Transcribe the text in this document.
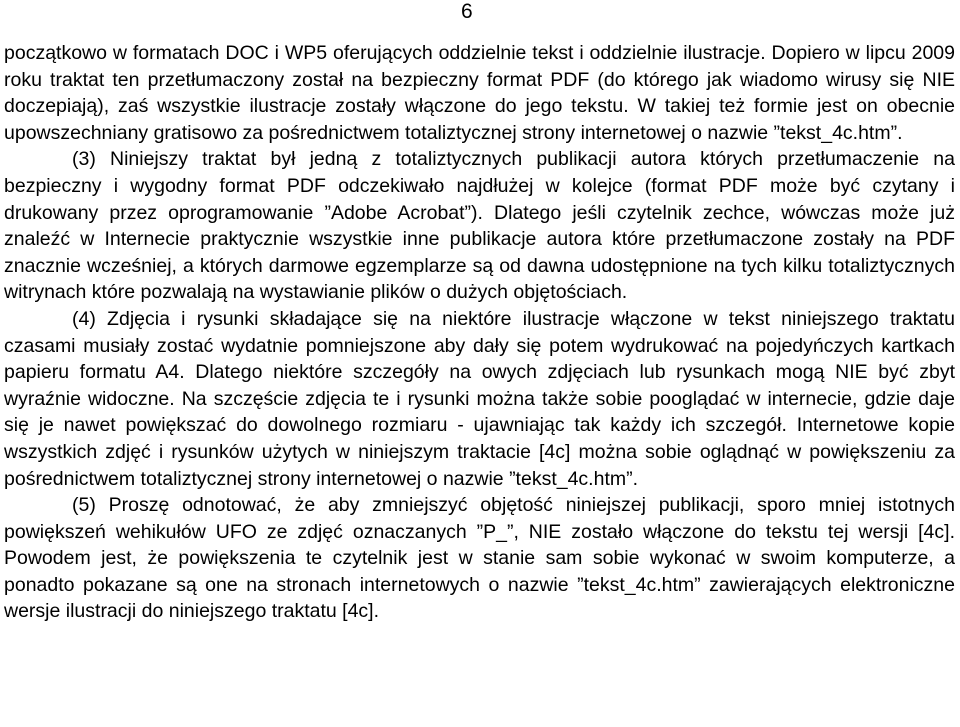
6

początkowo w formatach DOC i WP5 oferujących oddzielnie tekst i oddzielnie ilustracje. Dopiero w lipcu 2009 roku traktat ten przetłumaczony został na bezpieczny format PDF (do którego jak wiadomo wirusy się NIE doczepiają), zaś wszystkie ilustracje zostały włączone do jego tekstu. W takiej też formie jest on obecnie upowszechniany gratisowo za pośrednictwem totaliztycznej strony internetowej o nazwie ”tekst_4c.htm”.

(3) Niniejszy traktat był jedną z totaliztycznych publikacji autora których przetłumaczenie na bezpieczny i wygodny format PDF odczekiwało najdłużej w kolejce (format PDF może być czytany i drukowany przez oprogramowanie ”Adobe Acrobat”). Dlatego jeśli czytelnik zechce, wówczas może już znaleźć w Internecie praktycznie wszystkie inne publikacje autora które przetłumaczone zostały na PDF znacznie wcześniej, a których darmowe egzemplarze są od dawna udostępnione na tych kilku totaliztycznych witrynach które pozwalają na wystawianie plików o dużych objętościach.

(4) Zdjęcia i rysunki składające się na niektóre ilustracje włączone w tekst niniejszego traktatu czasami musiały zostać wydatnie pomniejszone aby dały się potem wydrukować na pojedyńczych kartkach papieru formatu A4. Dlatego niektóre szczegóły na owych zdjęciach lub rysunkach mogą NIE być zbyt wyraźnie widoczne. Na szczęście zdjęcia te i rysunki można także sobie pooglądać w internecie, gdzie daje się je nawet powiększać do dowolnego rozmiaru - ujawniając tak każdy ich szczegół. Internetowe kopie wszystkich zdjęć i rysunków użytych w niniejszym traktacie [4c] można sobie oglądnąć w powiększeniu za pośrednictwem totaliztycznej strony internetowej o nazwie ”tekst_4c.htm”.

(5) Proszę odnotować, że aby zmniejszyć objętość niniejszej publikacji, sporo mniej istotnych powiększeń wehikułów UFO ze zdjęć oznaczanych ”P_”, NIE zostało włączone do tekstu tej wersji [4c]. Powodem jest, że powiększenia te czytelnik jest w stanie sam sobie wykonać w swoim komputerze, a ponadto pokazane są one na stronach internetowych o nazwie ”tekst_4c.htm” zawierających elektroniczne wersje ilustracji do niniejszego traktatu [4c].
